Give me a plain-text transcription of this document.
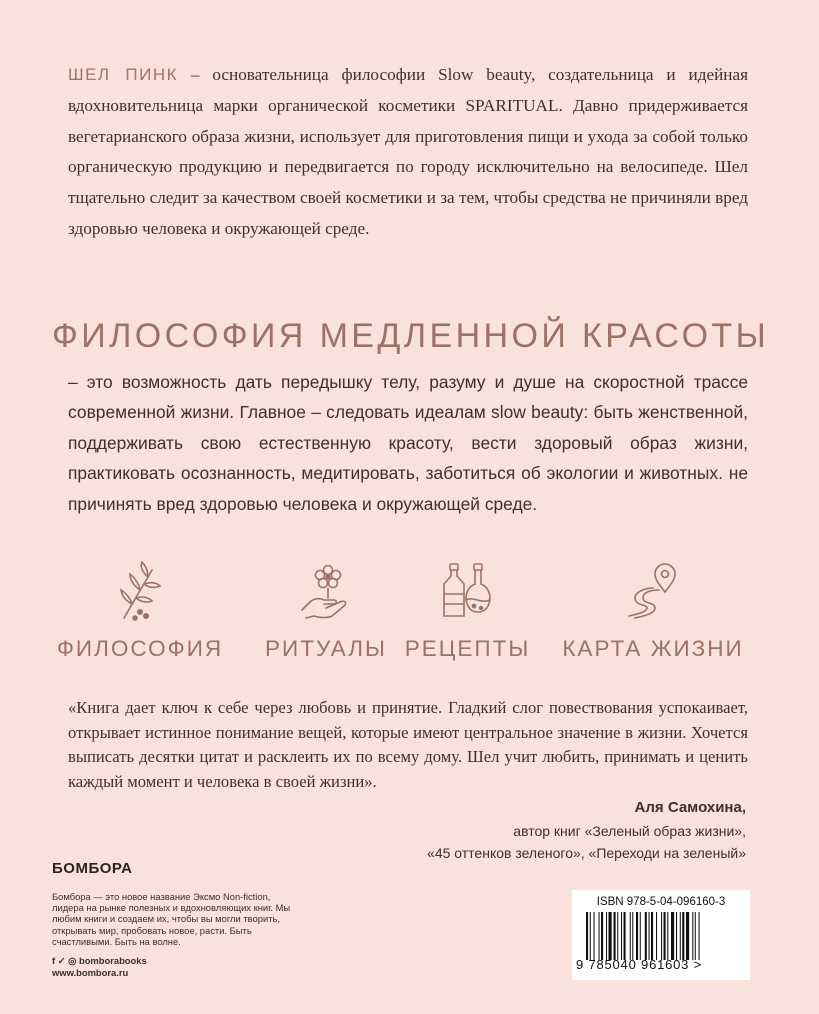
ШЕЛ ПИНК – основательница философии Slow beauty, создательница и идейная вдохновительница марки органической косметики SPARITUAL. Давно придерживается вегетарианского образа жизни, использует для приготовления пищи и ухода за собой только органическую продукцию и передвигается по городу исключительно на велосипеде. Шел тщательно следит за качеством своей косметики и за тем, чтобы средства не причиняли вред здоровью человека и окружающей среде.
ФИЛОСОФИЯ МЕДЛЕННОЙ КРАСОТЫ
– это возможность дать передышку телу, разуму и душе на скоростной трассе современной жизни. Главное – следовать идеалам slow beauty: быть женственной, поддерживать свою естественную красоту, вести здоровый образ жизни, практиковать осознанность, медитировать, заботиться об экологии и животных. не причинять вред здоровью человека и окружающей среде.
ФИЛОСОФИЯ	РИТУАЛЫ РЕЦЕПТЫ КАРТА ЖИЗНИ
«Книга дает ключ к себе через любовь и принятие. Гладкий слог повествования успокаивает, открывает истинное понимание вещей, которые имеют центральное значение в жизни. Хочется выписать десятки цитат и расклеить их по всему дому. Шел учит любить, принимать и ценить каждый момент и человека в своей жизни».
Аля Самохина,
автор книг «Зеленый образ жизни»,
«45 оттенков зеленого», «Переходи на зеленый»
БОМБОРА
Бомбора — это новое название Эксмо Non-fiction, лидера на рынке полезных и вдохновляющих книг. Мы любим книги и создаем их, чтобы вы могли творить, открывать мир, пробовать новое, расти. Быть счастливыми. Быть на волне.
f ✓ ◎ bomborabooks
www.bombora.ru
ISBN 978-5-04-096160-3
9 785040 961603 >
